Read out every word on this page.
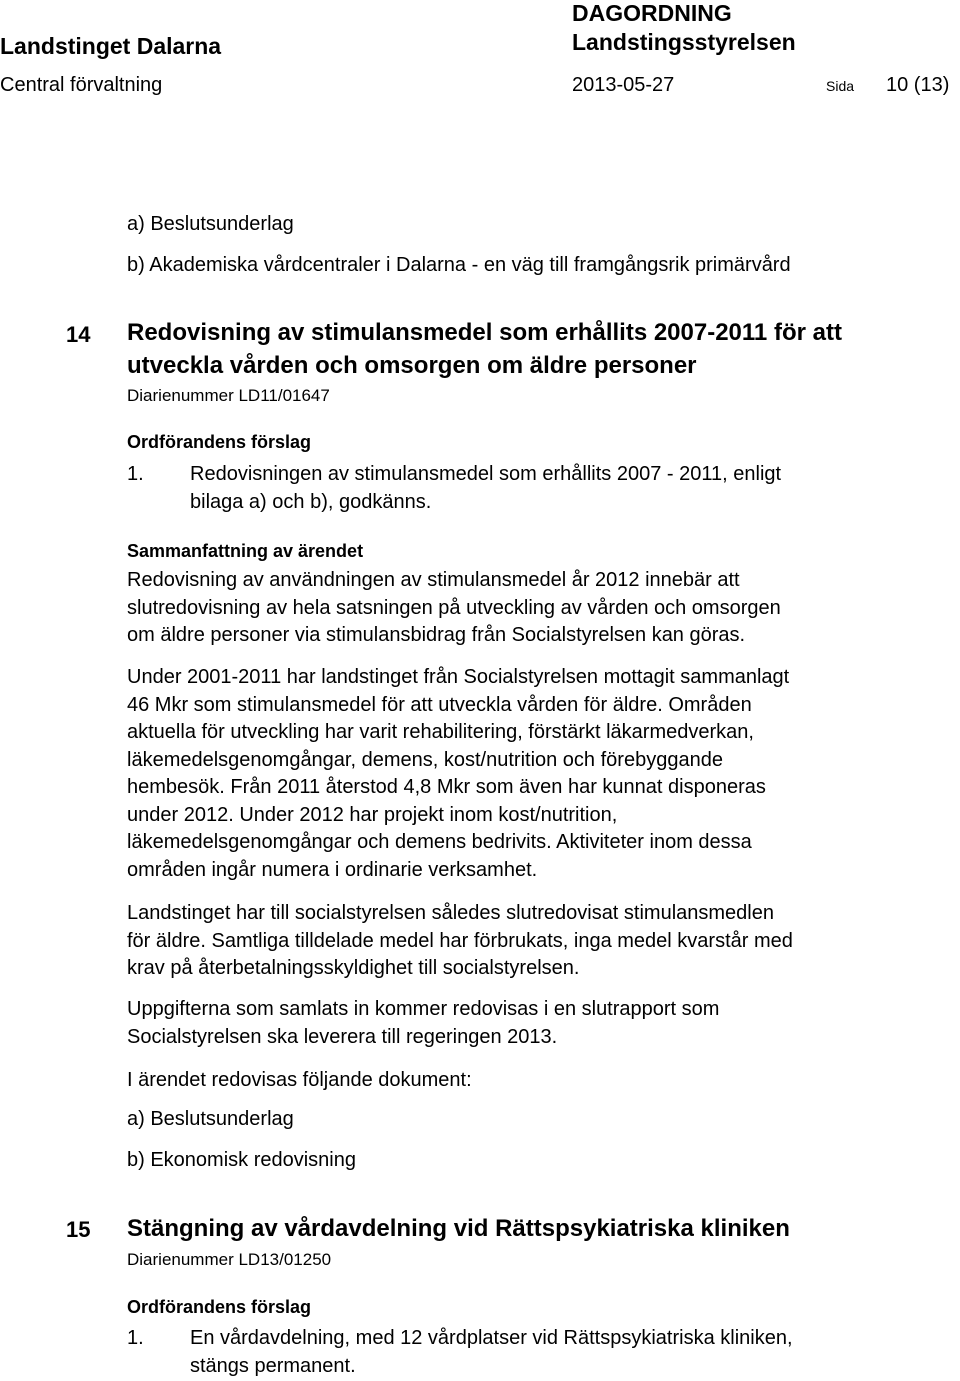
Landstinget Dalarna
DAGORDNING
Landstingsstyrelsen
Central förvaltning	2013-05-27	Sida 10 (13)
a) Beslutsunderlag
b) Akademiska vårdcentraler i Dalarna - en väg till framgångsrik primärvård
14 Redovisning av stimulansmedel som erhållits 2007-2011 för att
utveckla vården och omsorgen om äldre personer
Diarienummer LD11/01647
Ordförandens förslag
1. Redovisningen av stimulansmedel som erhållits 2007 - 2011, enligt
bilaga a) och b), godkänns.
Sammanfattning av ärendet

Redovisning av användningen av stimulansmedel år 2012 innebär att

slutredovisning av hela satsningen på utveckling av vården och omsorgen

om äldre personer via stimulansbidrag från Socialstyrelsen kan göras.

Under 2001-2011 har landstinget från Socialstyrelsen mottagit sammanlagt

46 Mkr som stimulansmedel för att utveckla vården för äldre. Områden

aktuella för utveckling har varit rehabilitering, förstärkt läkarmedverkan,

läkemedelsgenomgångar, demens, kost/nutrition och förebyggande

hembesök. Från 2011 återstod 4,8 Mkr som även har kunnat disponeras

under 2012. Under 2012 har projekt inom kost/nutrition,

läkemedelsgenomgångar och demens bedrivits. Aktiviteter inom dessa

områden ingår numera i ordinarie verksamhet.

Landstinget har till socialstyrelsen således slutredovisat stimulansmedlen

för äldre. Samtliga tilldelade medel har förbrukats, inga medel kvarstår med

krav på återbetalningsskyldighet till socialstyrelsen.

Uppgifterna som samlats in kommer redovisas i en slutrapport som

Socialstyrelsen ska leverera till regeringen 2013.

I ärendet redovisas följande dokument:
a) Beslutsunderlag
b) Ekonomisk redovisning
15 Stängning av vårdavdelning vid Rättspsykiatriska kliniken
Diarienummer LD13/01250
Ordförandens förslag
1. En vårdavdelning, med 12 vårdplatser vid Rättspsykiatriska kliniken,
stängs permanent.
